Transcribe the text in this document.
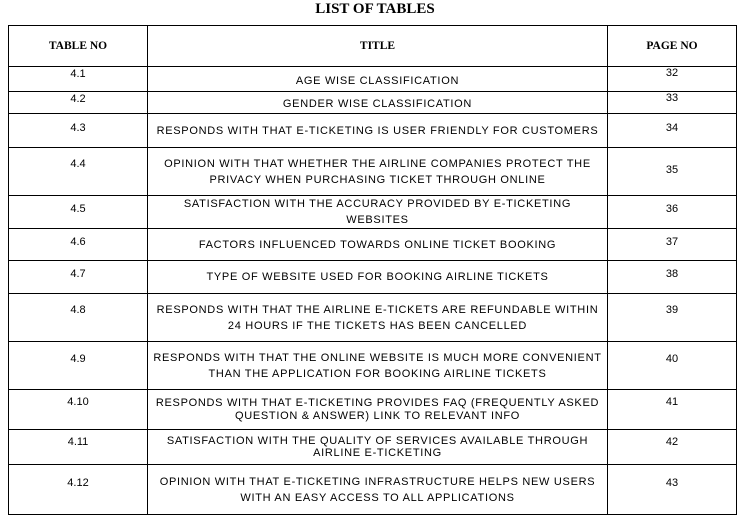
LIST OF TABLES
TABLE NO	TITLE	PAGE NO
4.1	AGE WISE CLASSIFICATION	32
4.2	GENDER WISE CLASSIFICATION	33
4.3	RESPONDS WITH THAT E-TICKETING IS USER FRIENDLY FOR CUSTOMERS	34
4.4	OPINION WITH THAT WHETHER THE AIRLINE COMPANIES PROTECT THE PRIVACY WHEN PURCHASING TICKET THROUGH ONLINE	35
4.5	SATISFACTION WITH THE ACCURACY PROVIDED BY E-TICKETING WEBSITES	36
4.6	FACTORS INFLUENCED TOWARDS ONLINE TICKET BOOKING	37
4.7	TYPE OF WEBSITE USED FOR BOOKING AIRLINE TICKETS	38
4.8	RESPONDS WITH THAT THE AIRLINE E-TICKETS ARE REFUNDABLE WITHIN 24 HOURS IF THE TICKETS HAS BEEN CANCELLED	39
4.9	RESPONDS WITH THAT THE ONLINE WEBSITE IS MUCH MORE CONVENIENT THAN THE APPLICATION FOR BOOKING AIRLINE TICKETS	40
4.10	RESPONDS WITH THAT E-TICKETING PROVIDES FAQ (FREQUENTLY ASKED QUESTION & ANSWER) LINK TO RELEVANT INFO	41
4.11	SATISFACTION WITH THE QUALITY OF SERVICES AVAILABLE THROUGH AIRLINE E-TICKETING	42
4.12	OPINION WITH THAT E-TICKETING INFRASTRUCTURE HELPS NEW USERS WITH AN EASY ACCESS TO ALL APPLICATIONS	43
